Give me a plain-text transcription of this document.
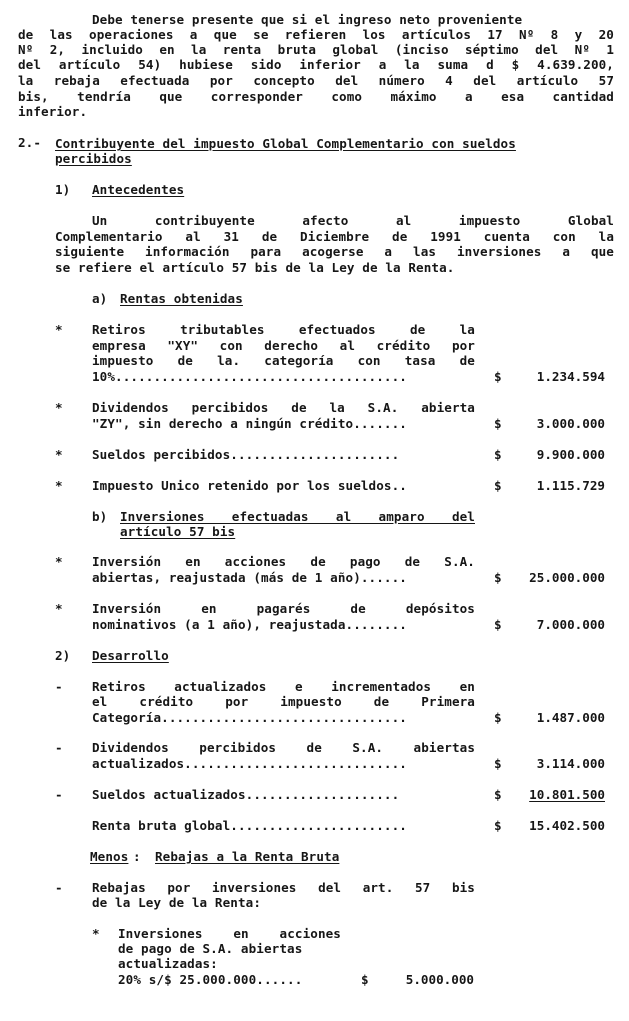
Debe tenerse presente que si el ingreso neto proveniente
de las operaciones a que se refieren los artículos 17 Nº 8 y 20
Nº 2, incluido en la renta bruta global (inciso séptimo del Nº 1
del artículo 54) hubiese sido inferior a la suma d $ 4.639.200,
la rebaja efectuada por concepto del número 4 del artículo 57
bis, tendría que corresponder como máximo a esa cantidad
inferior.
2.- Contribuyente del impuesto Global Complementario con sueldos
percibidos
1) Antecedentes
Un contribuyente afecto al impuesto Global
Complementario al 31 de Diciembre de 1991 cuenta con la
siguiente información para acogerse a las inversiones a que
se refiere el artículo 57 bis de la Ley de la Renta.
a) Rentas obtenidas
* Retiros tributables efectuados de la
empresa "XY" con derecho al crédito por
impuesto de la. categoría con tasa de
10%......................................	$	1.234.594
* Dividendos percibidos de la S.A. abierta
"ZY", sin derecho a ningún crédito.......	$	3.000.000
* Sueldos percibidos......................	$	9.900.000
* Impuesto Unico retenido por los sueldos..	$	1.115.729
b) Inversiones efectuadas al amparo del
artículo 57 bis
* Inversión en acciones de pago de S.A.
abiertas, reajustada (más de 1 año)......	$ 25.000.000
* Inversión en pagarés de depósitos
nominativos (a 1 año), reajustada........	$	7.000.000
2) Desarrollo
- Retiros actualizados e incrementados en
el crédito por impuesto de Primera
Categoría................................	$	1.487.000
- Dividendos percibidos de S.A. abiertas
actualizados.............................	$	3.114.000
- Sueldos actualizados....................	$ 10.801.500
Renta bruta global.......................	$ 15.402.500
Menos : Rebajas a la Renta Bruta
- Rebajas por inversiones del art. 57 bis
de la Ley de la Renta:
* Inversiones en acciones
de pago de S.A. abiertas
actualizadas:
20% s/$ 25.000.000......	$	5.000.000
